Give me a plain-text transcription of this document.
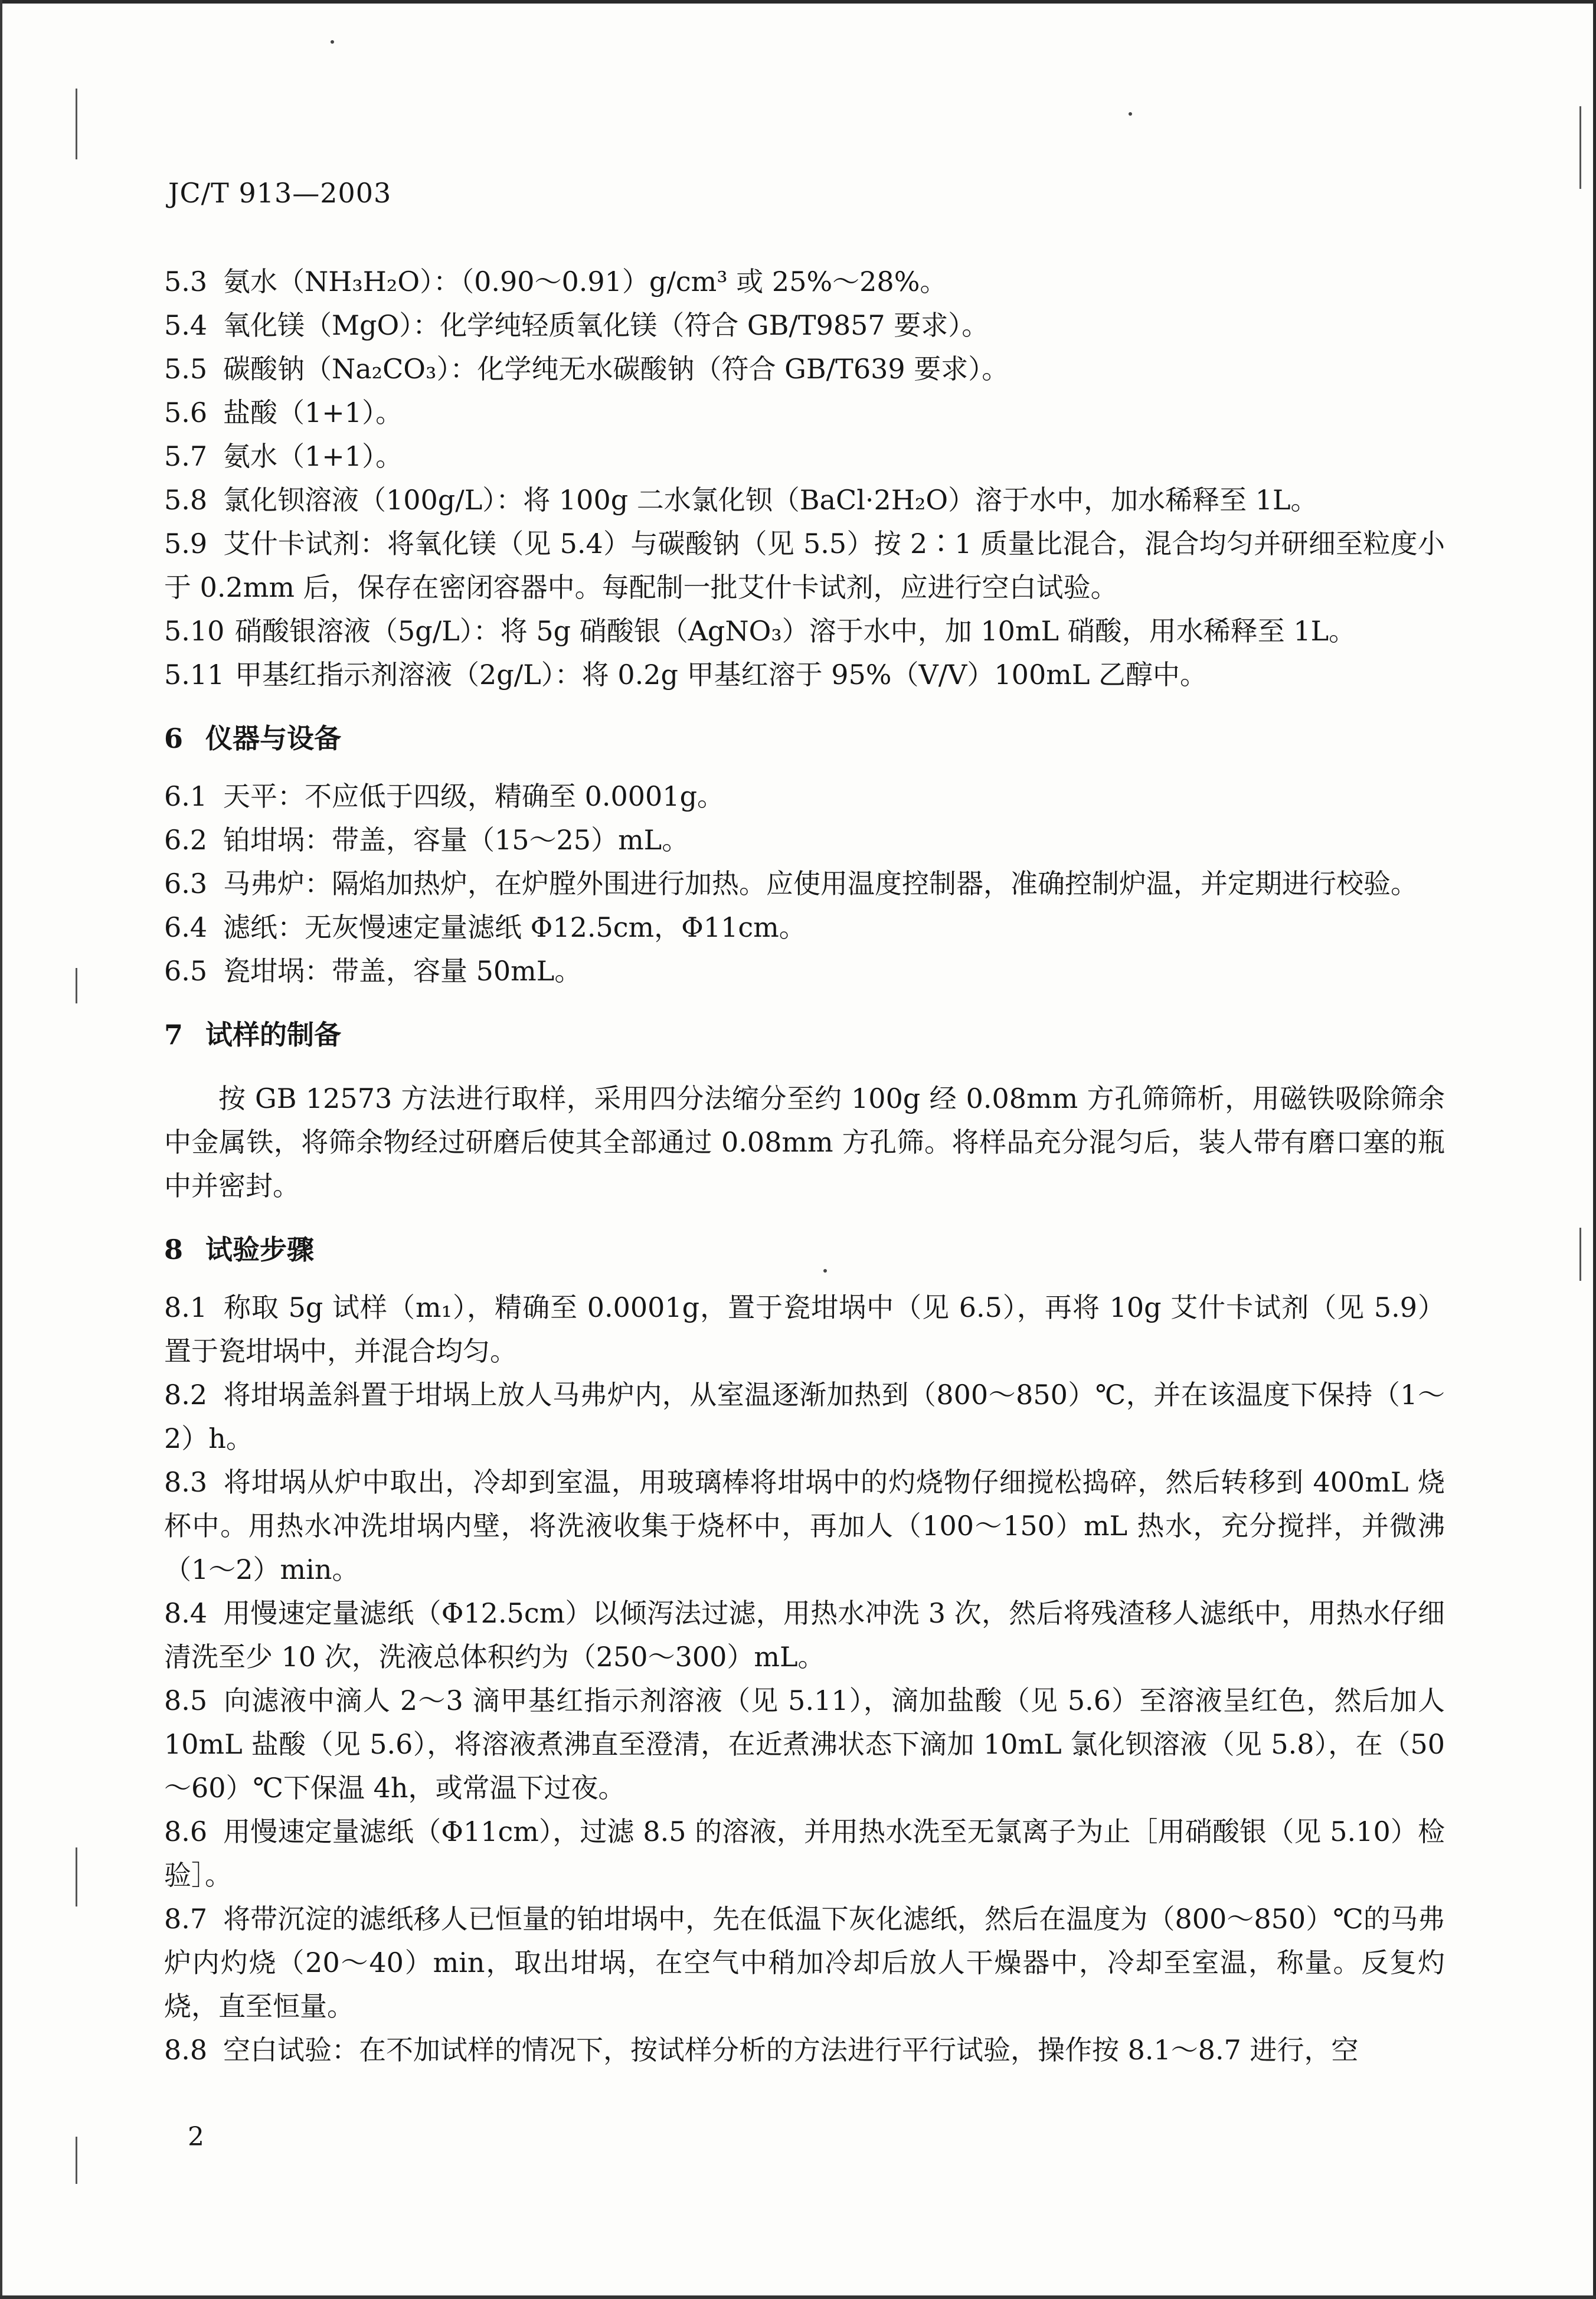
JC/T 913—2003

5.3 氨水（NH₃H₂O）：（0.90～0.91）g/cm³ 或 25%～28%。

5.4 氧化镁（MgO）：化学纯轻质氧化镁（符合 GB/T9857 要求）。

5.5 碳酸钠（Na₂CO₃）：化学纯无水碳酸钠（符合 GB/T639 要求）。

5.6 盐酸（1+1）。

5.7 氨水（1+1）。

5.8 氯化钡溶液（100g/L）：将 100g 二水氯化钡（BaCl·2H₂O）溶于水中，加水稀释至 1L。

5.9 艾什卡试剂：将氧化镁（见 5.4）与碳酸钠（见 5.5）按 2∶1 质量比混合，混合均匀并研细至粒度小于 0.2mm 后，保存在密闭容器中。每配制一批艾什卡试剂，应进行空白试验。

5.10 硝酸银溶液（5g/L）：将 5g 硝酸银（AgNO₃）溶于水中，加 10mL 硝酸，用水稀释至 1L。

5.11 甲基红指示剂溶液（2g/L）：将 0.2g 甲基红溶于 95%（V/V）100mL 乙醇中。

6 仪器与设备

6.1 天平：不应低于四级，精确至 0.0001g。

6.2 铂坩埚：带盖，容量（15～25）mL。

6.3 马弗炉：隔焰加热炉，在炉膛外围进行加热。应使用温度控制器，准确控制炉温，并定期进行校验。

6.4 滤纸：无灰慢速定量滤纸 Φ12.5cm，Φ11cm。

6.5 瓷坩埚：带盖，容量 50mL。

7 试样的制备

按 GB 12573 方法进行取样，采用四分法缩分至约 100g 经 0.08mm 方孔筛筛析，用磁铁吸除筛余中金属铁，将筛余物经过研磨后使其全部通过 0.08mm 方孔筛。将样品充分混匀后，装人带有磨口塞的瓶中并密封。

8 试验步骤

8.1 称取 5g 试样（m₁），精确至 0.0001g，置于瓷坩埚中（见 6.5），再将 10g 艾什卡试剂（见 5.9）置于瓷坩埚中，并混合均匀。

8.2 将坩埚盖斜置于坩埚上放人马弗炉内，从室温逐渐加热到（800～850）℃，并在该温度下保持（1～2）h。

8.3 将坩埚从炉中取出，冷却到室温，用玻璃棒将坩埚中的灼烧物仔细搅松捣碎，然后转移到 400mL 烧杯中。用热水冲洗坩埚内壁，将洗液收集于烧杯中，再加人（100～150）mL 热水，充分搅拌，并微沸（1～2）min。

8.4 用慢速定量滤纸（Φ12.5cm）以倾泻法过滤，用热水冲洗 3 次，然后将残渣移人滤纸中，用热水仔细清洗至少 10 次，洗液总体积约为（250～300）mL。

8.5 向滤液中滴人 2～3 滴甲基红指示剂溶液（见 5.11），滴加盐酸（见 5.6）至溶液呈红色，然后加人 10mL 盐酸（见 5.6），将溶液煮沸直至澄清，在近煮沸状态下滴加 10mL 氯化钡溶液（见 5.8），在（50～60）℃下保温 4h，或常温下过夜。

8.6 用慢速定量滤纸（Φ11cm），过滤 8.5 的溶液，并用热水洗至无氯离子为止［用硝酸银（见 5.10）检验］。

8.7 将带沉淀的滤纸移人已恒量的铂坩埚中，先在低温下灰化滤纸，然后在温度为（800～850）℃的马弗炉内灼烧（20～40）min，取出坩埚，在空气中稍加冷却后放人干燥器中，冷却至室温，称量。反复灼烧，直至恒量。

8.8 空白试验：在不加试样的情况下，按试样分析的方法进行平行试验，操作按 8.1～8.7 进行，空

2
